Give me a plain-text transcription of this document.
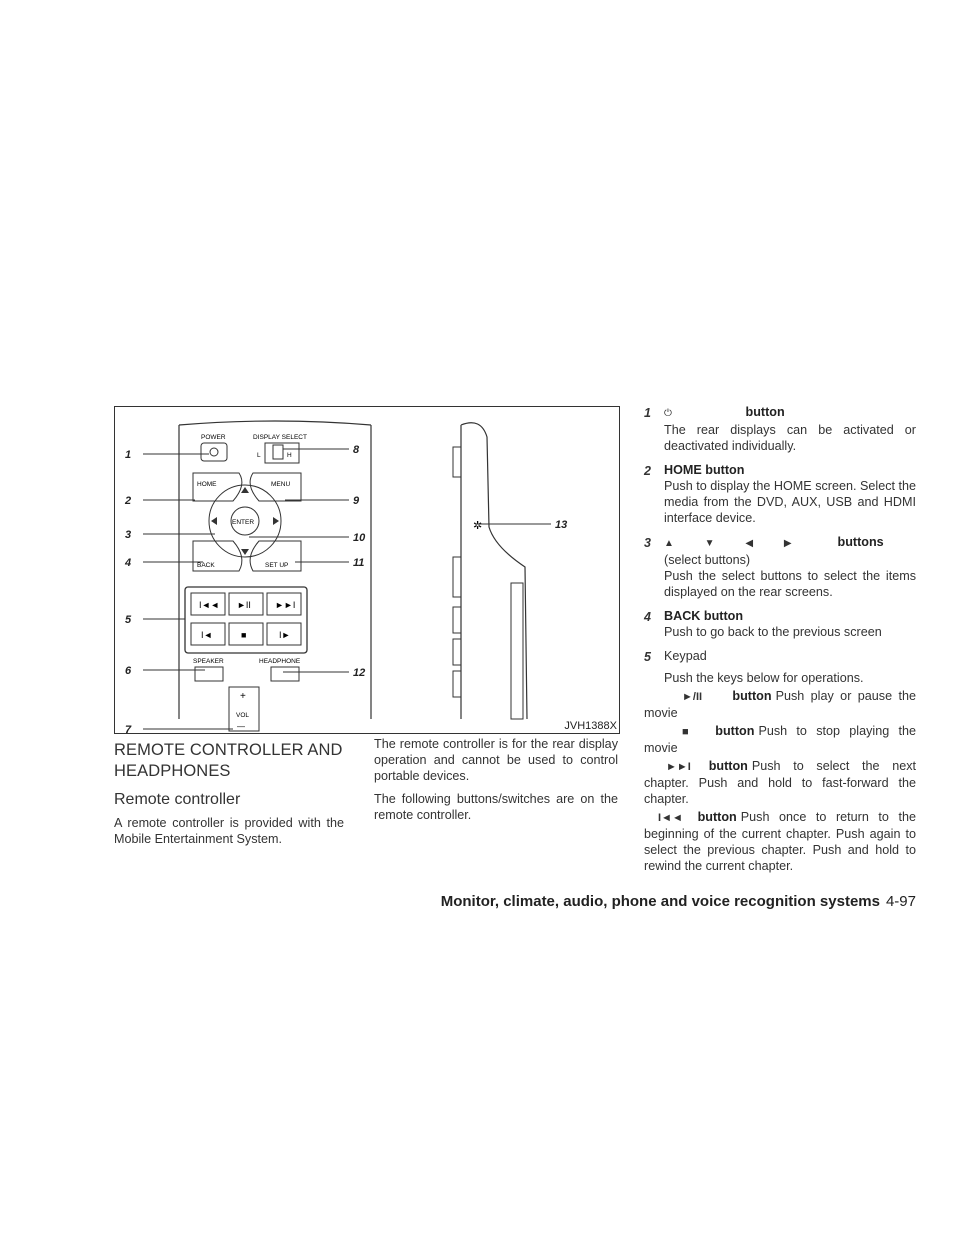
POWER	DISPLAY SELECT
L	H
HOME	MENU
ENTER
BACK	SET UP
I◄◄ ►II	►►I
I◄	■	I►
SPEAKER	HEADPHONE
+
VOL
—
✲
1
2
3
4
5
6
7
8
9
10
11
12
13
JVH1388X
REMOTE CONTROLLER AND HEADPHONES
Remote controller

A remote controller is provided with the Mobile Entertainment System.

The remote controller is for the rear display operation and cannot be used to control portable devices.

The following buttons/switches are on the remote controller.

1 ⏻	button
The rear displays can be activated or deactivated individually.
2 HOME button
Push to display the HOME screen. Select the media from the DVD, AUX, USB and HDMI interface device.
3 ▲ ▼ ◀ ▶	buttons (select buttons)
Push the select buttons to select the items displayed on the rear screens.
4 BACK button
Push to go back to the previous screen
5 Keypad
Push the keys below for operations.
►/II button Push play or pause the movie
■ button Push to stop playing the movie
►►I button Push to select the next chapter. Push and hold to fast-forward the chapter.
I◄◄ button Push once to return to the beginning of the current chapter. Push again to select the previous chapter. Push and hold to rewind the current chapter.
Monitor, climate, audio, phone and voice recognition systems 4-97
